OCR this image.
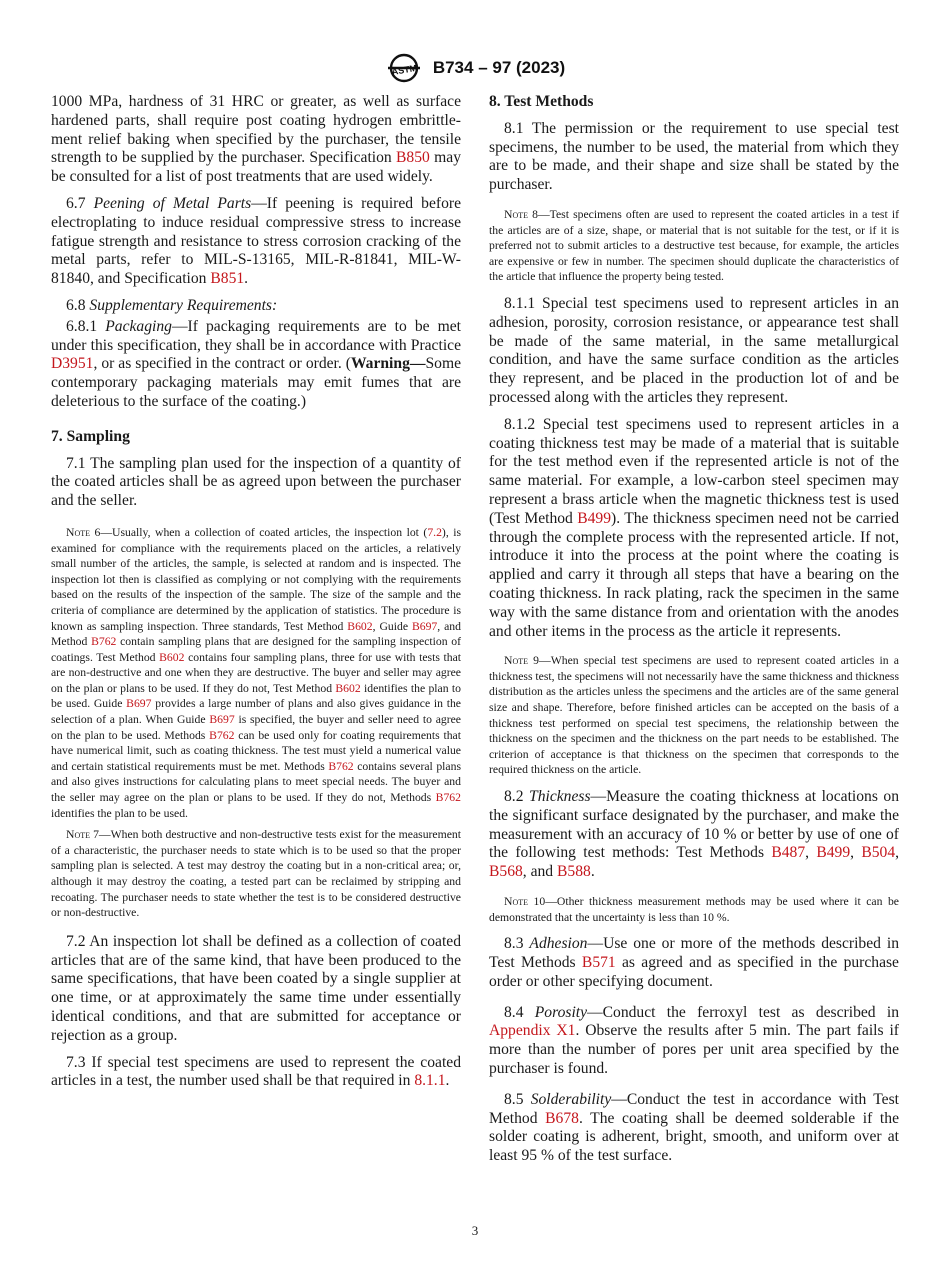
ASTM B734 – 97 (2023)

1000 MPa, hardness of 31 HRC or greater, as well as surface hardened parts, shall require post coating hydrogen embrittle-ment relief baking when specified by the purchaser, the tensile strength to be supplied by the purchaser. Specification B850 may be consulted for a list of post treatments that are used widely.

6.7 Peening of Metal Parts—If peening is required before electroplating to induce residual compressive stress to increase fatigue strength and resistance to stress corrosion cracking of the metal parts, refer to MIL-S-13165, MIL-R-81841, MIL-W-81840, and Specification B851.

6.8 Supplementary Requirements:

6.8.1 Packaging—If packaging requirements are to be met under this specification, they shall be in accordance with Practice D3951, or as specified in the contract or order. (Warning—Some contemporary packaging materials may emit fumes that are deleterious to the surface of the coating.)

7. Sampling

7.1 The sampling plan used for the inspection of a quantity of the coated articles shall be as agreed upon between the purchaser and the seller.

Note 6—Usually, when a collection of coated articles, the inspection lot (7.2), is examined for compliance with the requirements placed on the articles, a relatively small number of the articles, the sample, is selected at random and is inspected. The inspection lot then is classified as complying or not complying with the requirements based on the results of the inspection of the sample. The size of the sample and the criteria of compliance are determined by the application of statistics. The procedure is known as sampling inspection. Three standards, Test Method B602, Guide B697, and Method B762 contain sampling plans that are designed for the sampling inspection of coatings. Test Method B602 contains four sampling plans, three for use with tests that are non-destructive and one when they are destructive. The buyer and seller may agree on the plan or plans to be used. If they do not, Test Method B602 identifies the plan to be used. Guide B697 provides a large number of plans and also gives guidance in the selection of a plan. When Guide B697 is specified, the buyer and seller need to agree on the plan to be used. Methods B762 can be used only for coating requirements that have numerical limit, such as coating thickness. The test must yield a numerical value and certain statistical requirements must be met. Methods B762 contains several plans and also gives instructions for calculating plans to meet special needs. The buyer and the seller may agree on the plan or plans to be used. If they do not, Methods B762 identifies the plan to be used.

Note 7—When both destructive and non-destructive tests exist for the measurement of a characteristic, the purchaser needs to state which is to be used so that the proper sampling plan is selected. A test may destroy the coating but in a non-critical area; or, although it may destroy the coating, a tested part can be reclaimed by stripping and recoating. The purchaser needs to state whether the test is to be considered destructive or non-destructive.

7.2 An inspection lot shall be defined as a collection of coated articles that are of the same kind, that have been produced to the same specifications, that have been coated by a single supplier at one time, or at approximately the same time under essentially identical conditions, and that are submitted for acceptance or rejection as a group.

7.3 If special test specimens are used to represent the coated articles in a test, the number used shall be that required in 8.1.1.

8. Test Methods

8.1 The permission or the requirement to use special test specimens, the number to be used, the material from which they are to be made, and their shape and size shall be stated by the purchaser.

Note 8—Test specimens often are used to represent the coated articles in a test if the articles are of a size, shape, or material that is not suitable for the test, or if it is preferred not to submit articles to a destructive test because, for example, the articles are expensive or few in number. The specimen should duplicate the characteristics of the article that influence the property being tested.

8.1.1 Special test specimens used to represent articles in an adhesion, porosity, corrosion resistance, or appearance test shall be made of the same material, in the same metallurgical condition, and have the same surface condition as the articles they represent, and be placed in the production lot of and be processed along with the articles they represent.

8.1.2 Special test specimens used to represent articles in a coating thickness test may be made of a material that is suitable for the test method even if the represented article is not of the same material. For example, a low-carbon steel specimen may represent a brass article when the magnetic thickness test is used (Test Method B499). The thickness specimen need not be carried through the complete process with the represented article. If not, introduce it into the process at the point where the coating is applied and carry it through all steps that have a bearing on the coating thickness. In rack plating, rack the specimen in the same way with the same distance from and orientation with the anodes and other items in the process as the article it represents.

Note 9—When special test specimens are used to represent coated articles in a thickness test, the specimens will not necessarily have the same thickness and thickness distribution as the articles unless the specimens and the articles are of the same general size and shape. Therefore, before finished articles can be accepted on the basis of a thickness test performed on special test specimens, the relationship between the thickness on the specimen and the thickness on the part needs to be established. The criterion of acceptance is that thickness on the specimen that corresponds to the required thickness on the article.

8.2 Thickness—Measure the coating thickness at locations on the significant surface designated by the purchaser, and make the measurement with an accuracy of 10 % or better by use of one of the following test methods: Test Methods B487, B499, B504, B568, and B588.

Note 10—Other thickness measurement methods may be used where it can be demonstrated that the uncertainty is less than 10 %.

8.3 Adhesion—Use one or more of the methods described in Test Methods B571 as agreed and as specified in the purchase order or other specifying document.

8.4 Porosity—Conduct the ferroxyl test as described in Appendix X1. Observe the results after 5 min. The part fails if more than the number of pores per unit area specified by the purchaser is found.

8.5 Solderability—Conduct the test in accordance with Test Method B678. The coating shall be deemed solderable if the solder coating is adherent, bright, smooth, and uniform over at least 95 % of the test surface.

3
